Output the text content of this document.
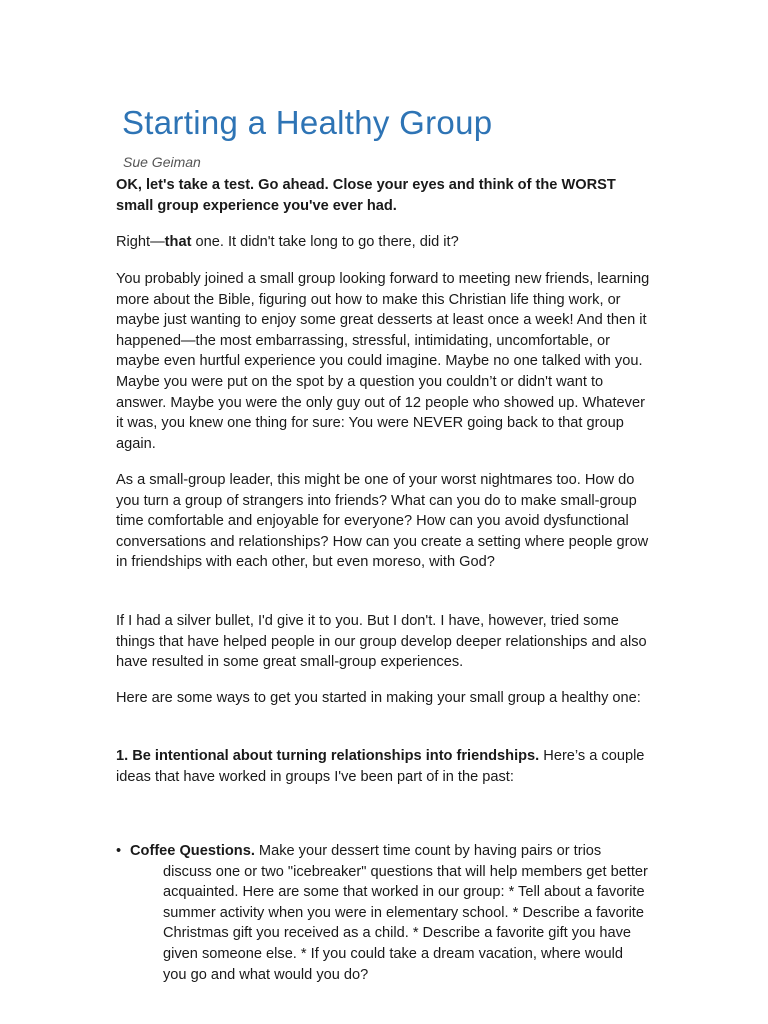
Starting a Healthy Group
Sue Geiman

OK, let's take a test. Go ahead. Close your eyes and think of the WORST small group experience you've ever had.

Right—that one. It didn't take long to go there, did it?

You probably joined a small group looking forward to meeting new friends, learning more about the Bible, figuring out how to make this Christian life thing work, or maybe just wanting to enjoy some great desserts at least once a week! And then it happened—the most embarrassing, stressful, intimidating, uncomfortable, or maybe even hurtful experience you could imagine. Maybe no one talked with you. Maybe you were put on the spot by a question you couldn’t or didn't want to answer. Maybe you were the only guy out of 12 people who showed up. Whatever it was, you knew one thing for sure: You were NEVER going back to that group again.

As a small-group leader, this might be one of your worst nightmares too. How do you turn a group of strangers into friends? What can you do to make small-group time comfortable and enjoyable for everyone? How can you avoid dysfunctional conversations and relationships? How can you create a setting where people grow in friendships with each other, but even moreso, with God?

If I had a silver bullet, I'd give it to you. But I don't. I have, however, tried some things that have helped people in our group develop deeper relationships and also have resulted in some great small-group experiences.

Here are some ways to get you started in making your small group a healthy one:

1. Be intentional about turning relationships into friendships. Here’s a couple ideas that have worked in groups I've been part of in the past:

• Coffee Questions. Make your dessert time count by having pairs or trios
discuss one or two "icebreaker" questions that will help members get better acquainted. Here are some that worked in our group: * Tell about a favorite summer activity when you were in elementary school. * Describe a favorite Christmas gift you received as a child. * Describe a favorite gift you have given someone else. * If you could take a dream vacation, where would you go and what would you do?
